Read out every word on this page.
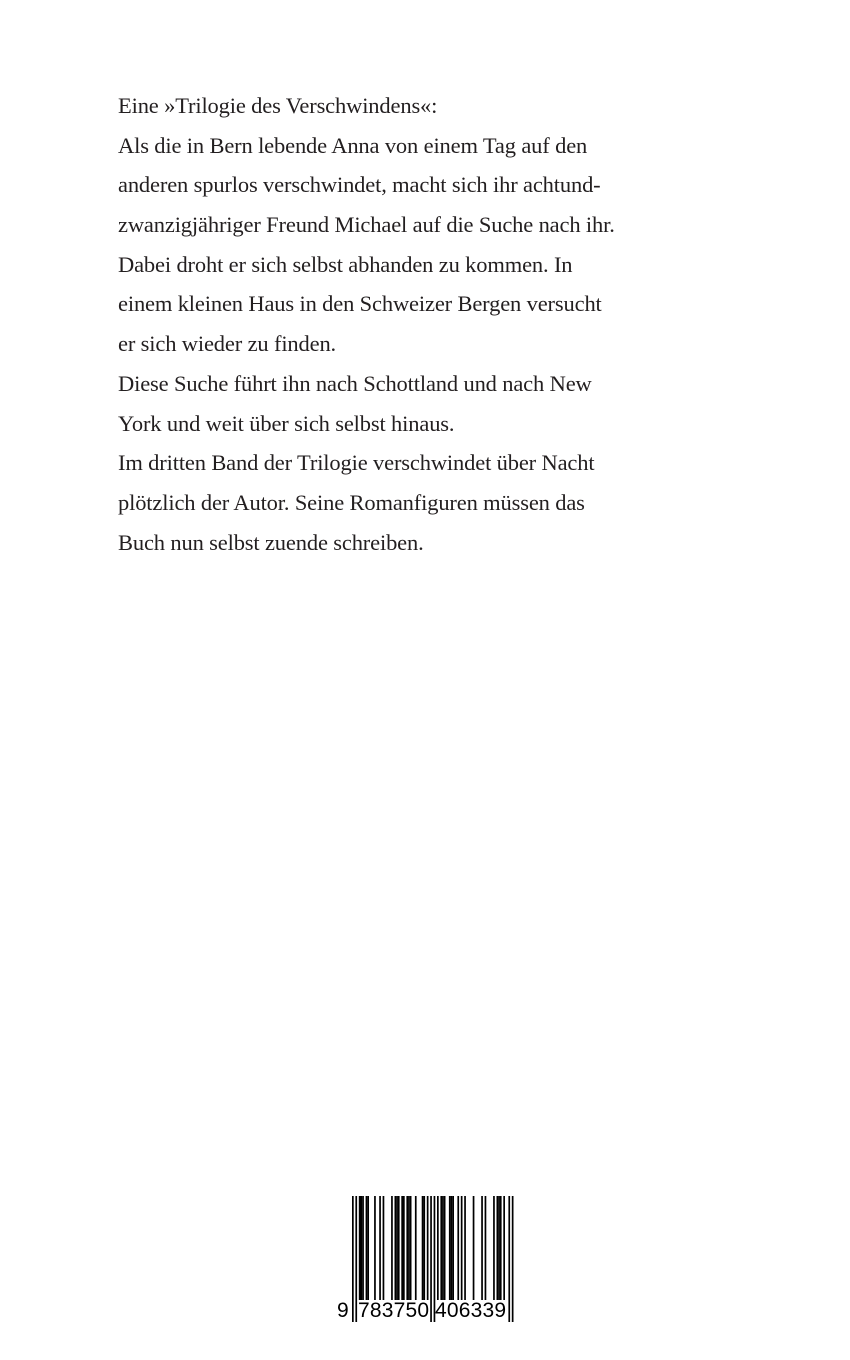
Eine »Trilogie des Verschwindens«:
Als die in Bern lebende Anna von einem Tag auf den
anderen spurlos verschwindet, macht sich ihr achtund-
zwanzigjähriger Freund Michael auf die Suche nach ihr.
Dabei droht er sich selbst abhanden zu kommen. In
einem kleinen Haus in den Schweizer Bergen versucht
er sich wieder zu finden.
Diese Suche führt ihn nach Schottland und nach New
York und weit über sich selbst hinaus.
Im dritten Band der Trilogie verschwindet über Nacht
plötzlich der Autor. Seine Romanfiguren müssen das
Buch nun selbst zuende schreiben.
9 783750 406339
